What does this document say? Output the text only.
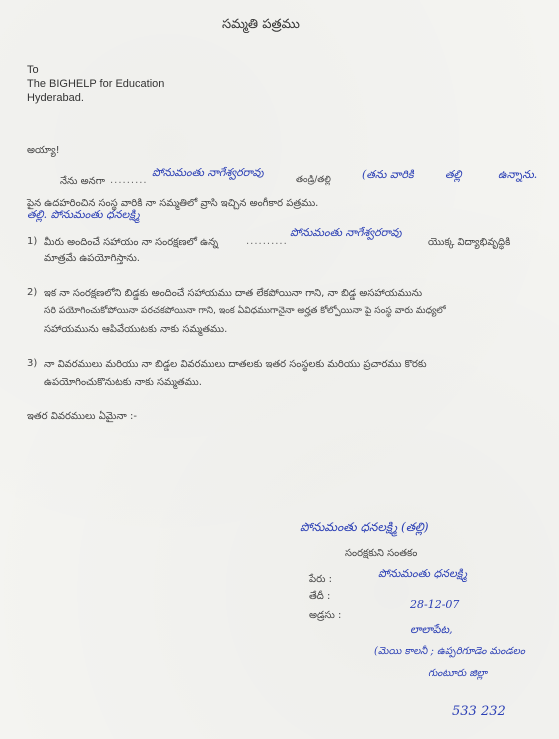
సమ్మతి పత్రము
To
The BIGHELP for Education
Hyderabad.
అయ్యా!
నేను అనగా .........
పోనుమంతు నాగేశ్వరరావు
తండ్రి/తల్లి	(తను వారికి	తల్లి	ఉన్నాను.
పైన ఉదహరించిన సంస్థ వారికి నా సమ్మతిలో వ్రాసి ఇచ్చిన అంగీకార పత్రము.
తల్లి. పోనుమంతు ధనలక్ష్మి
1) మీరు అందించే సహాయం నా సంరక్షణలో ఉన్న	..........
పోనుమంతు నాగేశ్వరరావు
యొక్క విద్యాభివృద్ధికి
మాత్రమే ఉపయోగిస్తాను.
2) ఇక నా సంరక్షణలోని బిడ్డకు అందించే సహాయము దాత లేకపోయినా గాని, నా బిడ్డ అసహాయమును
సరి పయోగించుకోపోయినా పరచకపోయినా గాని, ఇంక ఏవిధముగానైనా అర్హత కోల్పోయినా పై సంస్థ వారు మధ్యలో
సహాయమును ఆపివేయుటకు నాకు సమ్మతము.
3) నా వివరములు మరియు నా బిడ్డల వివరములు దాతలకు ఇతర సంస్థలకు మరియు ప్రచారము కొరకు
ఉపయోగించుకొనుటకు నాకు సమ్మతము.
ఇతర వివరములు ఏమైనా :-
పోనుమంతు ధనలక్ష్మి (తల్లి)
సంరక్షకుని సంతకం
పేరు :	పోనుమంతు ధనలక్ష్మి
తేదీ :
28-12-07
అడ్రసు :
లాలాపేట,
(మెయి కాలనీ ; ఉప్పరిగూడెం మండలం
గుంటూరు జిల్లా
533 232
